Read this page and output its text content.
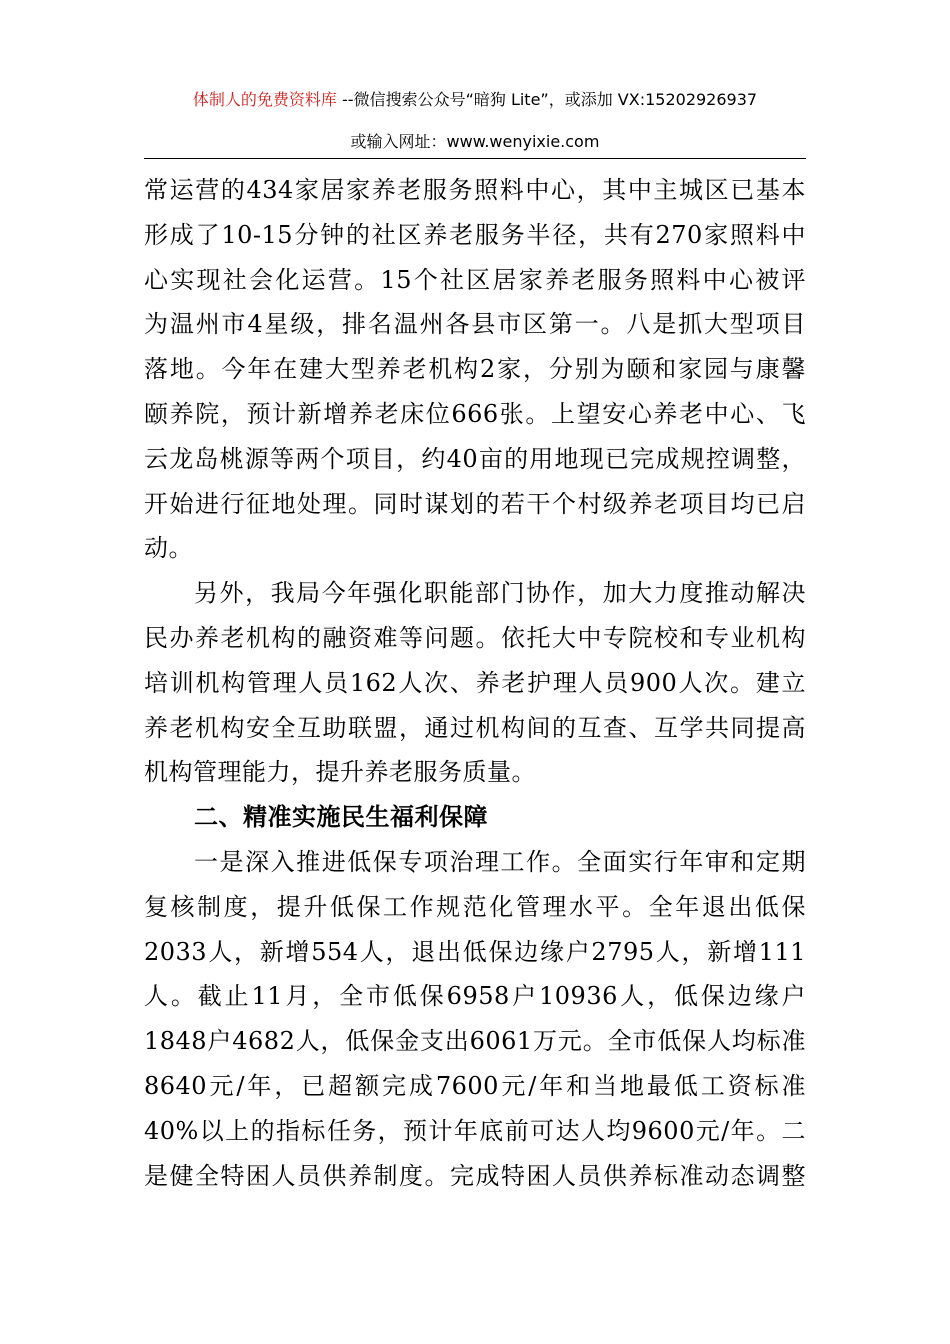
体制人的免费资料库 --微信搜索公众号“暗狗 Lite”，或添加 VX:15202926937
或输入网址：www.wenyixie.com
常运营的434家居家养老服务照料中心，其中主城区已基本
形成了10-15分钟的社区养老服务半径，共有270家照料中
心实现社会化运营。15个社区居家养老服务照料中心被评
为温州市4星级，排名温州各县市区第一。八是抓大型项目
落地。今年在建大型养老机构2家，分别为颐和家园与康馨
颐养院，预计新增养老床位666张。上望安心养老中心、飞
云龙岛桃源等两个项目，约40亩的用地现已完成规控调整，
开始进行征地处理。同时谋划的若干个村级养老项目均已启
动。
另外，我局今年强化职能部门协作，加大力度推动解决
民办养老机构的融资难等问题。依托大中专院校和专业机构
培训机构管理人员162人次、养老护理人员900人次。建立
养老机构安全互助联盟，通过机构间的互查、互学共同提高
机构管理能力，提升养老服务质量。
二、精准实施民生福利保障
一是深入推进低保专项治理工作。全面实行年审和定期
复核制度，提升低保工作规范化管理水平。全年退出低保
2033人，新增554人，退出低保边缘户2795人，新增111
人。截止11月，全市低保6958户10936人，低保边缘户
1848户4682人，低保金支出6061万元。全市低保人均标准
8640元/年，已超额完成7600元/年和当地最低工资标准
40%以上的指标任务，预计年底前可达人均9600元/年。二
是健全特困人员供养制度。完成特困人员供养标准动态调整
